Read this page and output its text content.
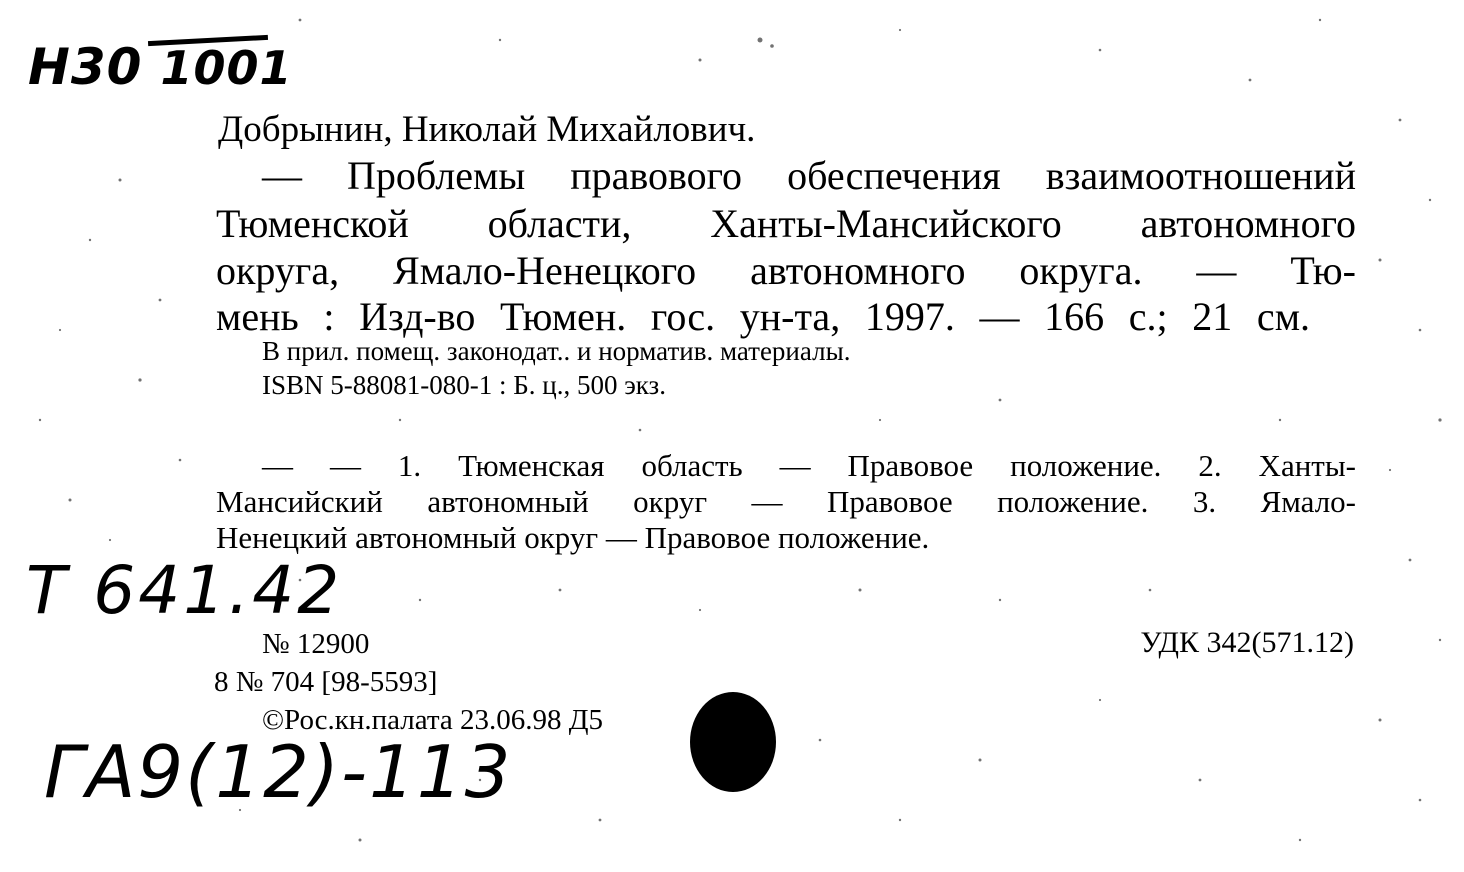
Н30 1001
Добрынин, Николай Михайлович.
— Проблемы правового обеспечения взаимоотношений
Тюменской области, Ханты-Мансийского автономного
округа, Ямало-Ненецкого автономного округа. — Тю-
мень : Изд-во Тюмен. гос. ун-та, 1997. — 166 с.; 21 см.
В прил. помещ. законодат.. и норматив. материалы.
ISBN 5-88081-080-1 : Б. ц., 500 экз.
— — 1. Тюменская область — Правовое положение. 2. Ханты-
Мансийский автономный округ — Правовое положение. 3. Ямало-
Ненецкий автономный округ — Правовое положение.
Т 641.42
№ 12900
8 № 704 [98-5593]
©Рос.кн.палата 23.06.98 Д5
УДК 342(571.12)
ГА9(12)-113
